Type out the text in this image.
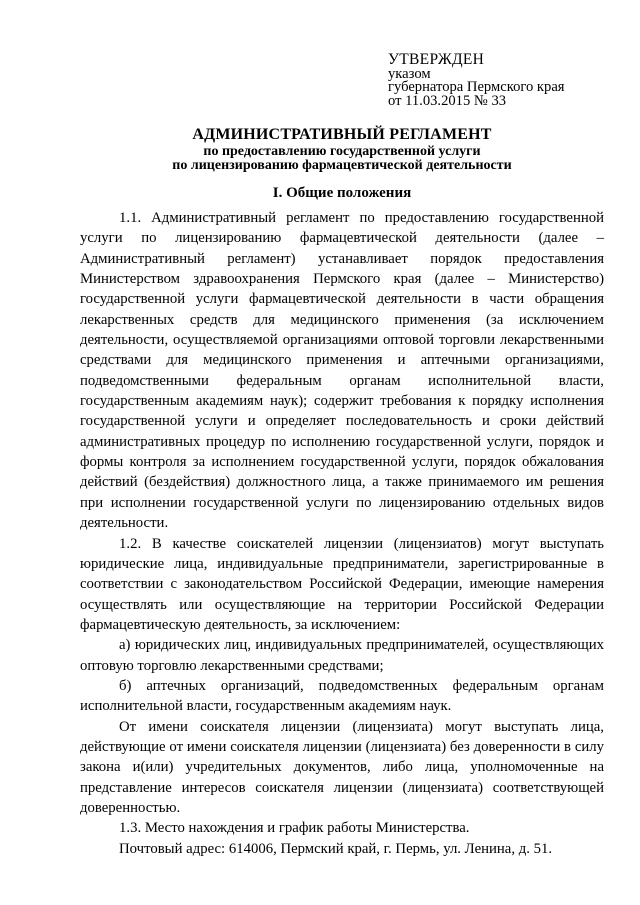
УТВЕРЖДЕН
указом
губернатора Пермского края
от 11.03.2015 № 33
АДМИНИСТРАТИВНЫЙ РЕГЛАМЕНТ
по предоставлению государственной услуги
по лицензированию фармацевтической деятельности
I. Общие положения

1.1. Административный регламент по предоставлению государственной услуги по лицензированию фармацевтической деятельности (далее – Административный регламент) устанавливает порядок предоставления Министерством здравоохранения Пермского края (далее – Министерство) государственной услуги фармацевтической деятельности в части обращения лекарственных средств для медицинского применения (за исключением деятельности, осуществляемой организациями оптовой торговли лекарственными средствами для медицинского применения и аптечными организациями, подведомственными федеральным органам исполнительной власти, государственным академиям наук); содержит требования к порядку исполнения государственной услуги и определяет последовательность и сроки действий административных процедур по исполнению государственной услуги, порядок и формы контроля за исполнением государственной услуги, порядок обжалования действий (бездействия) должностного лица, а также принимаемого им решения при исполнении государственной услуги по лицензированию отдельных видов деятельности.

1.2. В качестве соискателей лицензии (лицензиатов) могут выступать юридические лица, индивидуальные предприниматели, зарегистрированные в соответствии с законодательством Российской Федерации, имеющие намерения осуществлять или осуществляющие на территории Российской Федерации фармацевтическую деятельность, за исключением:

а) юридических лиц, индивидуальных предпринимателей, осуществляющих оптовую торговлю лекарственными средствами;

б) аптечных организаций, подведомственных федеральным органам исполнительной власти, государственным академиям наук.

От имени соискателя лицензии (лицензиата) могут выступать лица, действующие от имени соискателя лицензии (лицензиата) без доверенности в силу закона и(или) учредительных документов, либо лица, уполномоченные на представление интересов соискателя лицензии (лицензиата) соответствующей доверенностью.

1.3. Место нахождения и график работы Министерства.

Почтовый адрес: 614006, Пермский край, г. Пермь, ул. Ленина, д. 51.
